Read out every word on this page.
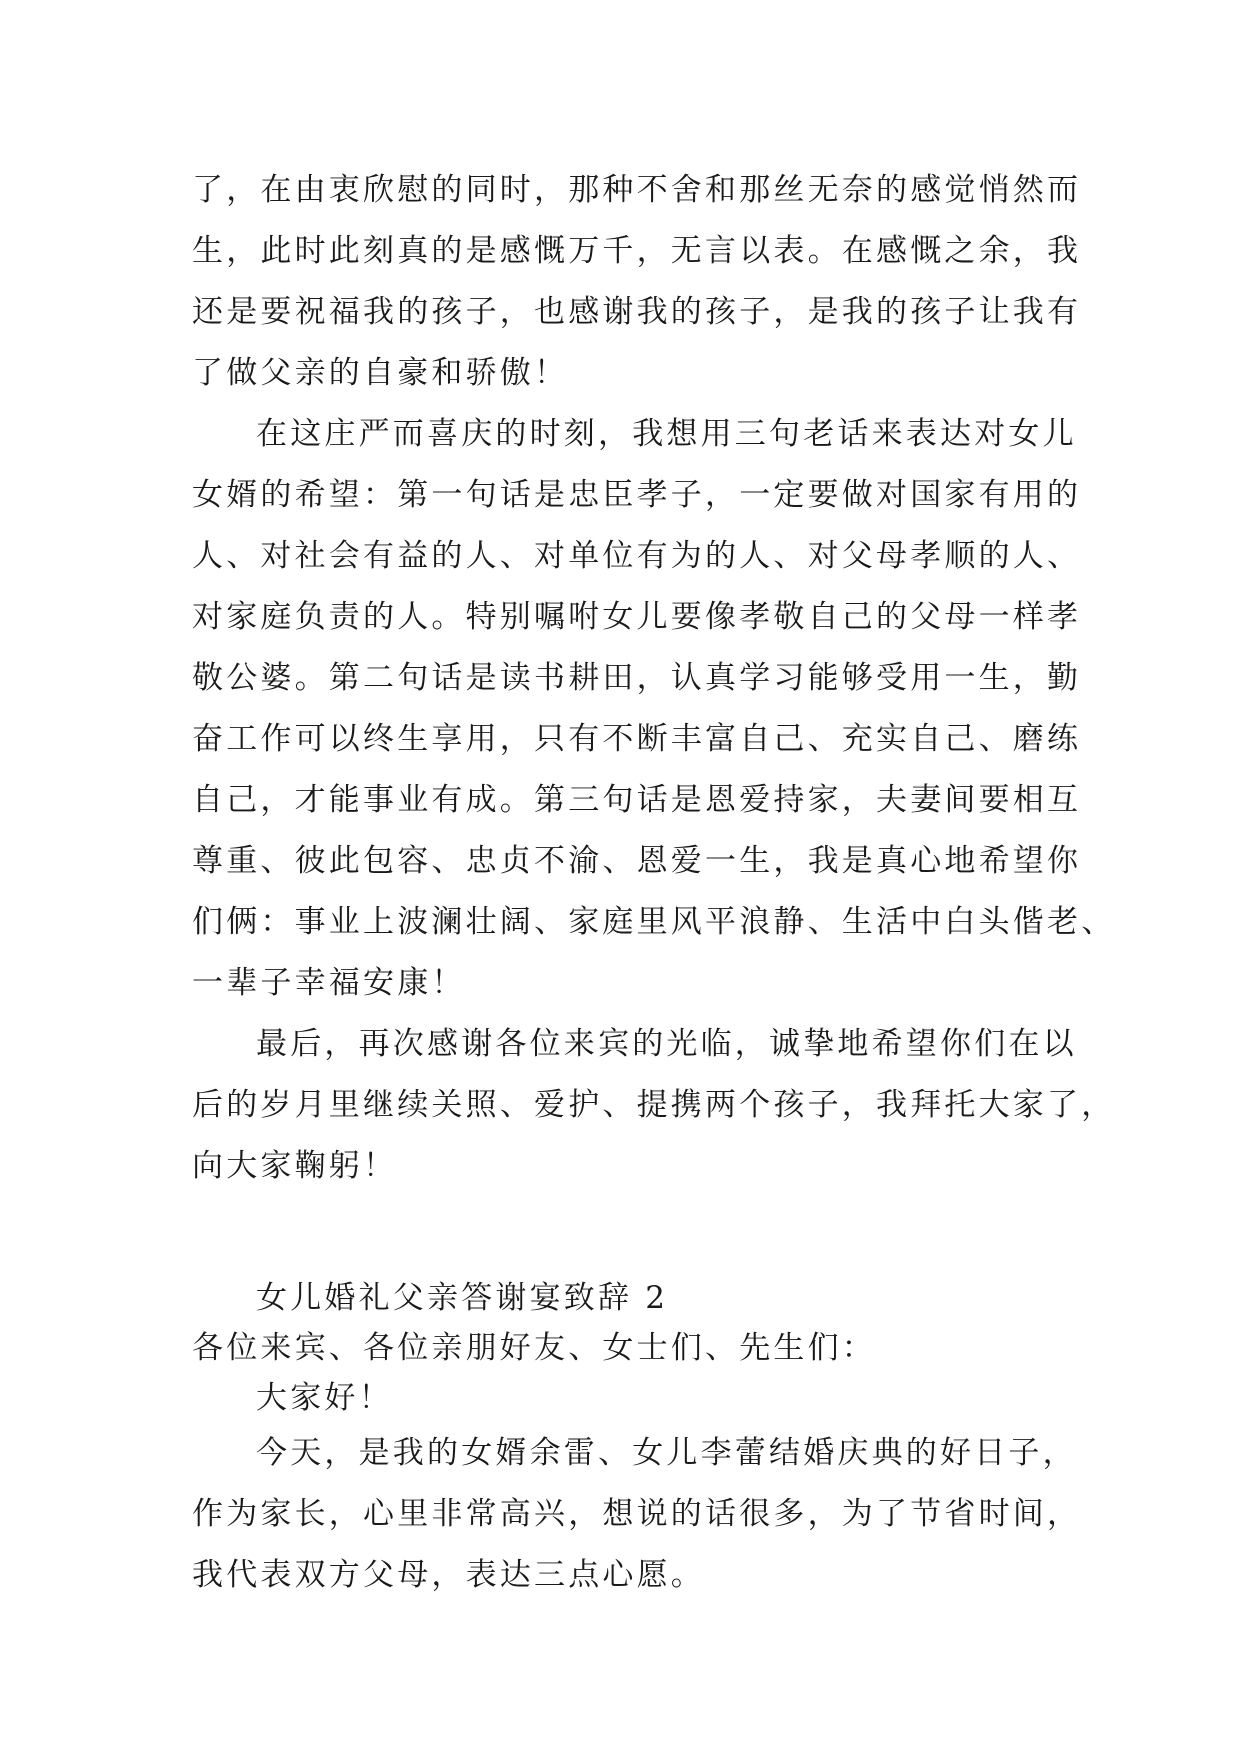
了，在由衷欣慰的同时，那种不舍和那丝无奈的感觉悄然而
生，此时此刻真的是感慨万千，无言以表。在感慨之余，我
还是要祝福我的孩子，也感谢我的孩子，是我的孩子让我有
了做父亲的自豪和骄傲！
在这庄严而喜庆的时刻，我想用三句老话来表达对女儿
女婿的希望：第一句话是忠臣孝子，一定要做对国家有用的
人、对社会有益的人、对单位有为的人、对父母孝顺的人、
对家庭负责的人。特别嘱咐女儿要像孝敬自己的父母一样孝
敬公婆。第二句话是读书耕田，认真学习能够受用一生，勤
奋工作可以终生享用，只有不断丰富自己、充实自己、磨练
自己，才能事业有成。第三句话是恩爱持家，夫妻间要相互
尊重、彼此包容、忠贞不渝、恩爱一生，我是真心地希望你
们俩：事业上波澜壮阔、家庭里风平浪静、生活中白头偕老、
一辈子幸福安康！
最后，再次感谢各位来宾的光临，诚挚地希望你们在以
后的岁月里继续关照、爱护、提携两个孩子，我拜托大家了，
向大家鞠躬！
女儿婚礼父亲答谢宴致辞 2
各位来宾、各位亲朋好友、女士们、先生们：
大家好！
今天，是我的女婿余雷、女儿李蕾结婚庆典的好日子，
作为家长，心里非常高兴，想说的话很多，为了节省时间，
我代表双方父母，表达三点心愿。
